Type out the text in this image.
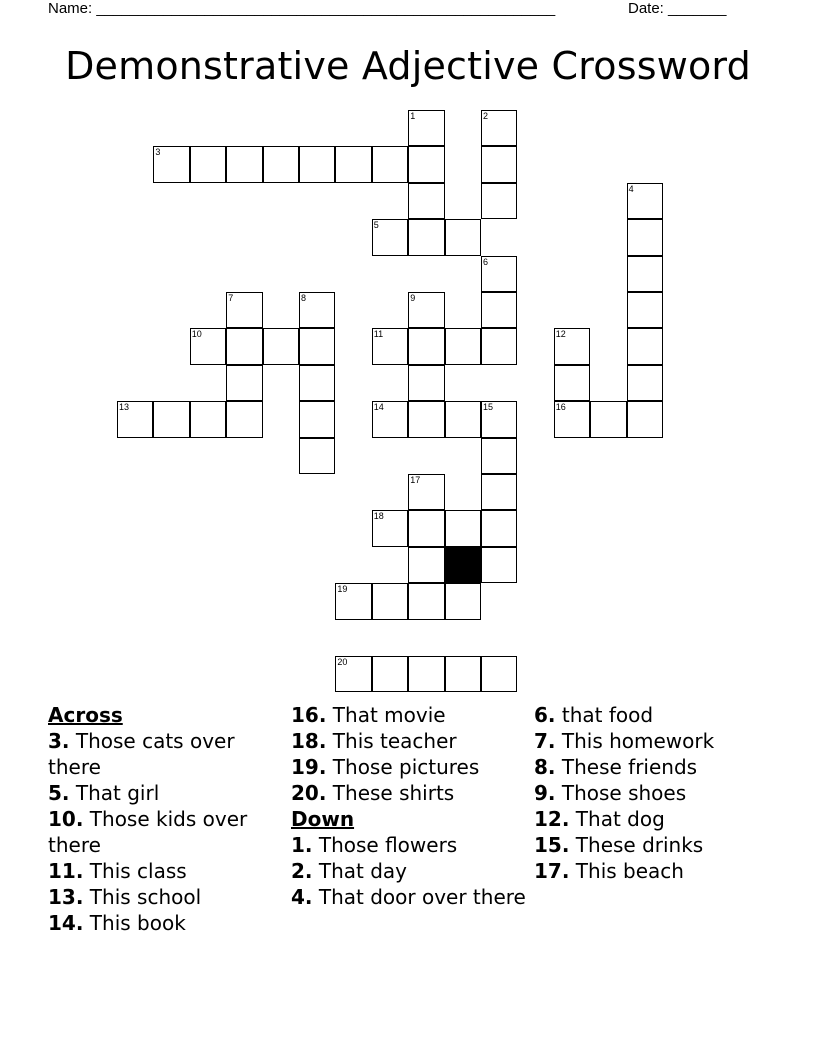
Name: _______________________________________________________	Date: _______
Demonstrative Adjective Crossword
1	2
3
4
5
6
7	8	9
10	11	12
13	14	15	16
17
18
19
20
Across
3. Those cats over there
5. That girl
10. Those kids over there
11. This class
13. This school
14. This book
16. That movie
18. This teacher
19. Those pictures
20. These shirts
Down
1. Those flowers
2. That day
4. That door over there
6. that food
7. This homework
8. These friends
9. Those shoes
12. That dog
15. These drinks
17. This beach
